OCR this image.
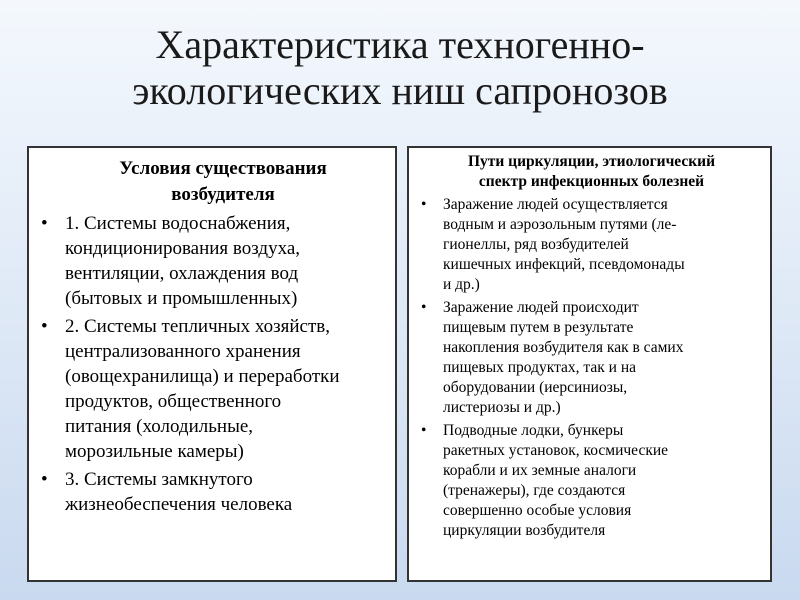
Характеристика техногенно-
экологических ниш сапронозов
Условия существования
возбудителя
• 1. Системы водоснабжения,
кондиционирования воздуха,
вентиляции, охлаждения вод
(бытовых и промышленных)
• 2. Системы тепличных хозяйств,
централизованного хранения
(овощехранилища) и переработки
продуктов, общественного
питания (холодильные,
морозильные камеры)
• 3. Системы замкнутого
жизнеобеспечения человека
Пути циркуляции, этиологический
спектр инфекционных болезней
• Заражение людей осуществляется
водным и аэрозольным путями (ле-
гионеллы, ряд возбудителей
кишечных инфекций, псевдомонады
и др.)
• Заражение людей происходит
пищевым путем в результате
накопления возбудителя как в самих
пищевых продуктах, так и на
оборудовании (иерсиниозы,
листериозы и др.)
• Подводные лодки, бункеры
ракетных установок, космические
корабли и их земные аналоги
(тренажеры), где создаются
совершенно особые условия
циркуляции возбудителя
